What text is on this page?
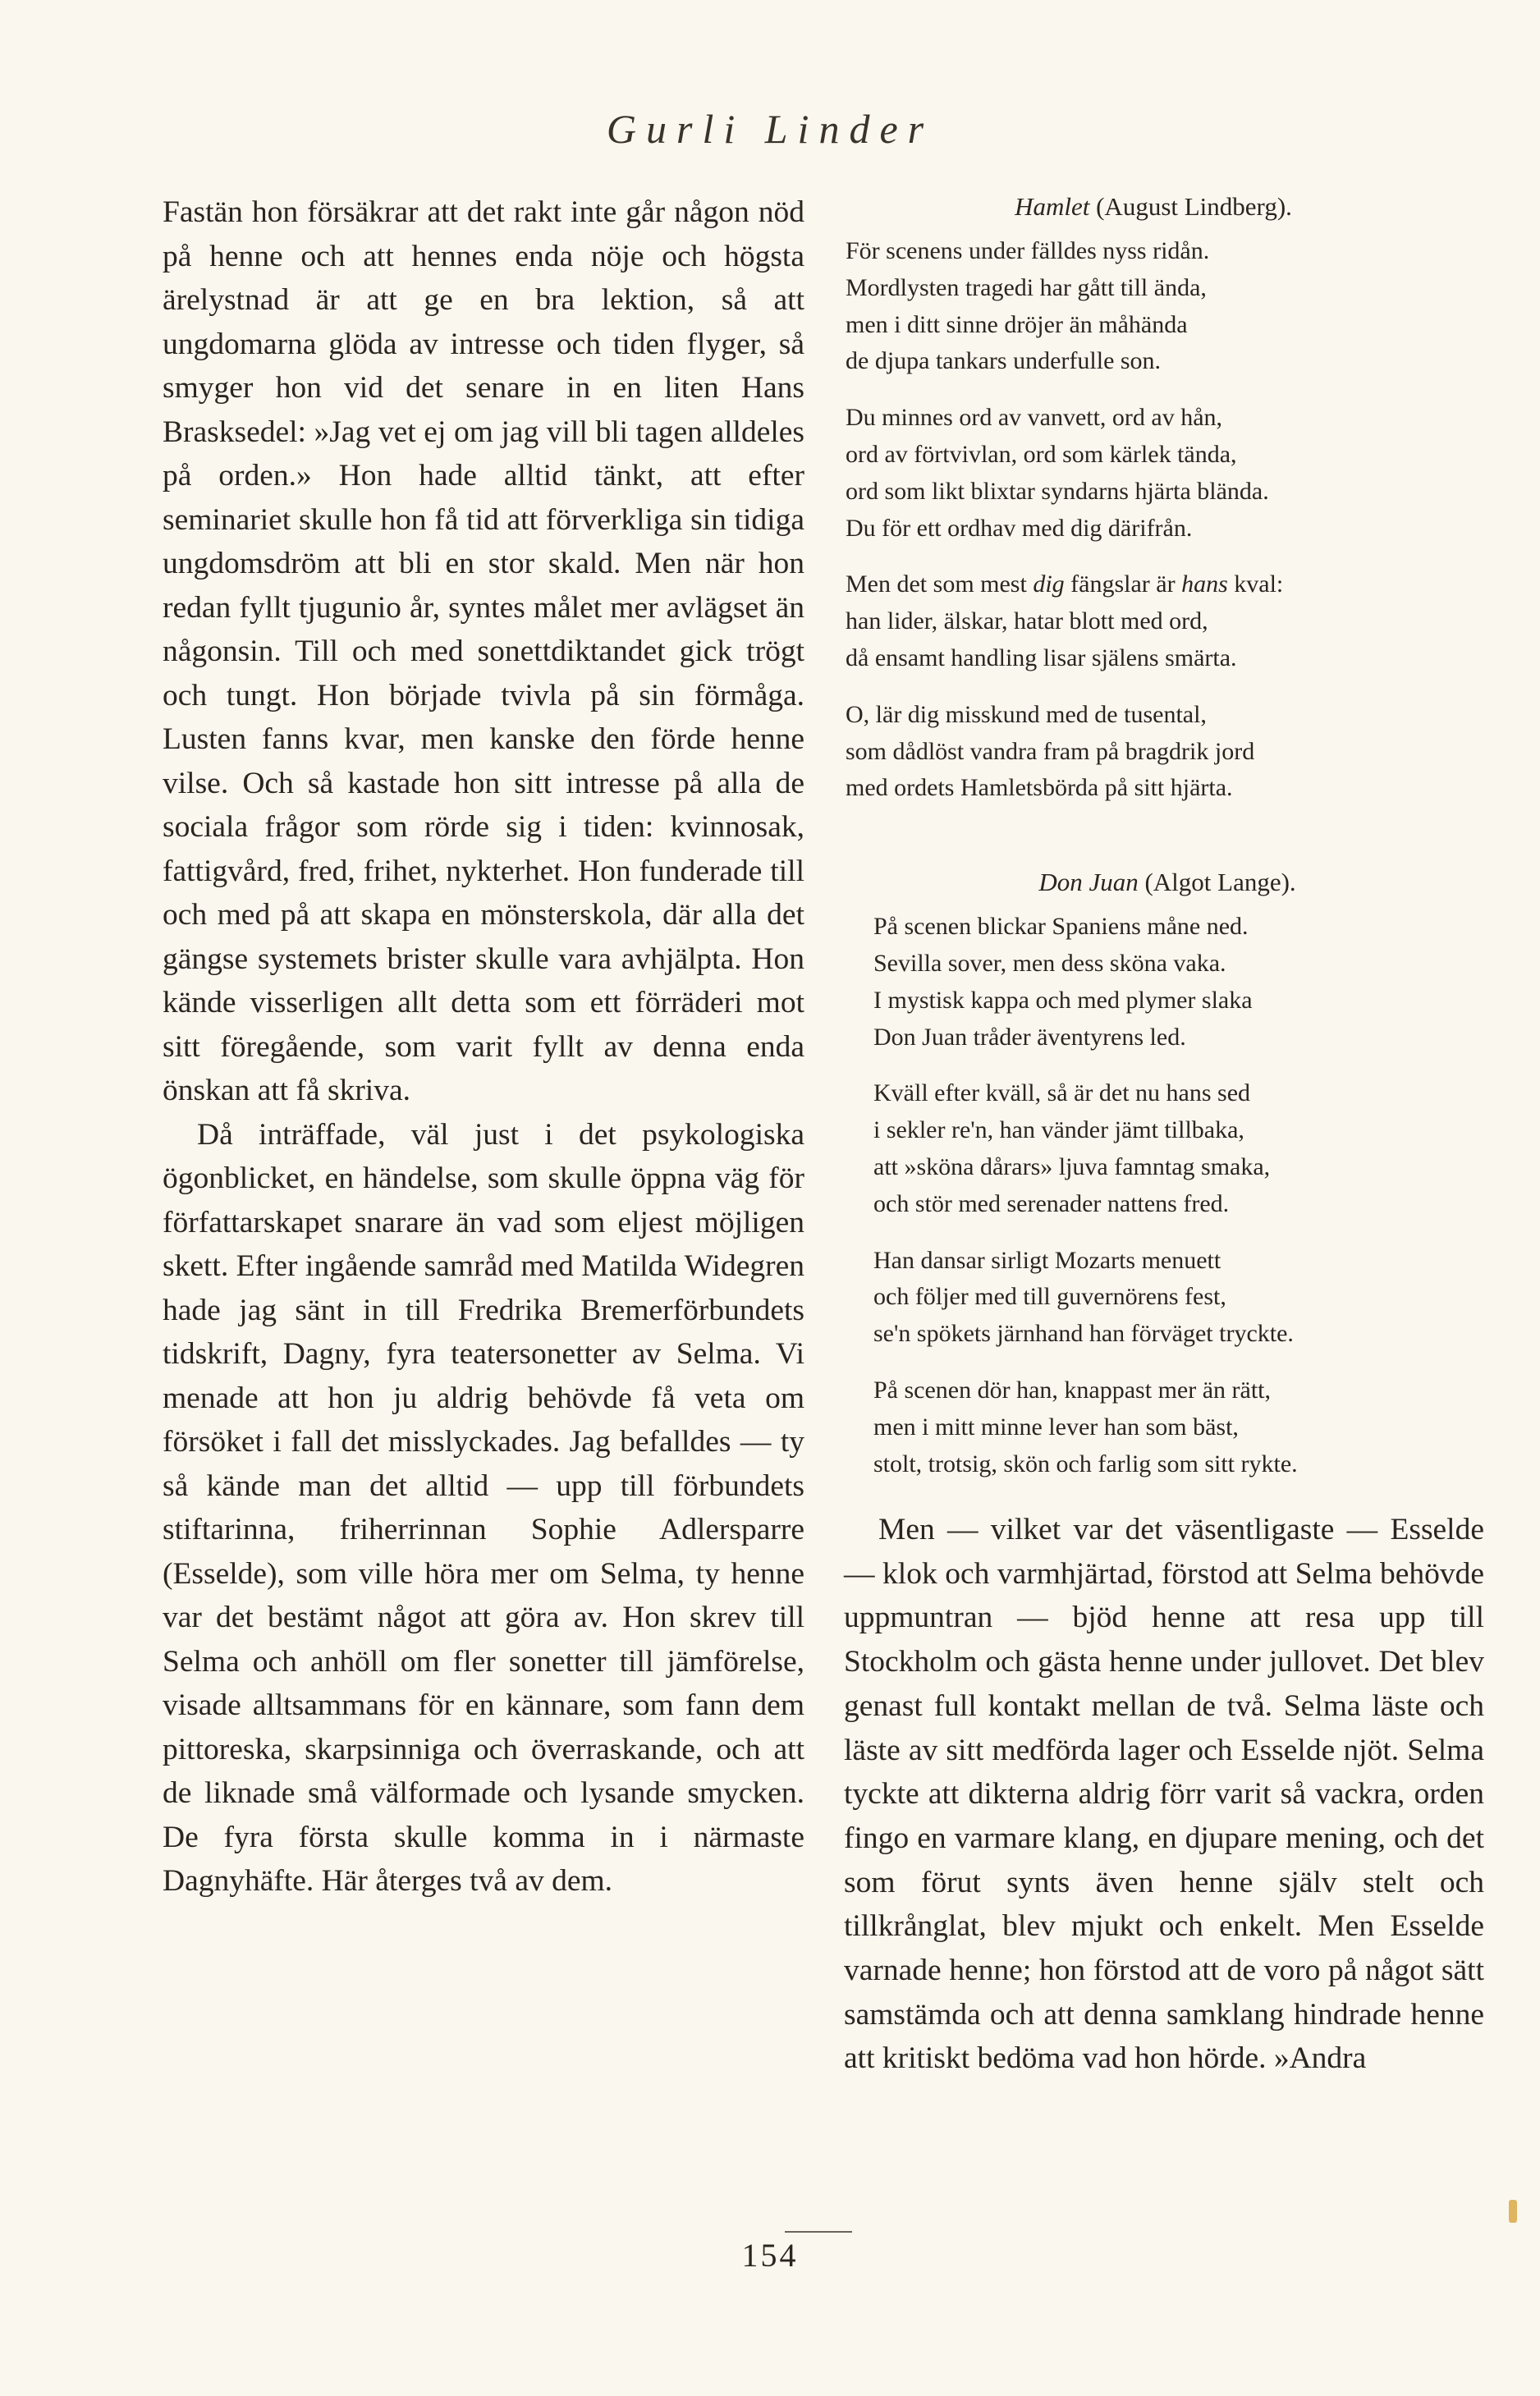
Gurli Linder

Fastän hon försäkrar att det rakt inte går någon nöd på henne och att hennes enda nöje och högsta ärelystnad är att ge en bra lektion, så att ungdomarna glöda av intresse och tiden flyger, så smyger hon vid det senare in en liten Hans Brasksedel: »Jag vet ej om jag vill bli tagen alldeles på orden.» Hon hade alltid tänkt, att efter seminariet skulle hon få tid att förverkliga sin tidiga ungdomsdröm att bli en stor skald. Men när hon redan fyllt tjugunio år, syntes målet mer avlägset än någonsin. Till och med sonettdiktandet gick trögt och tungt. Hon började tvivla på sin förmåga. Lusten fanns kvar, men kanske den förde henne vilse. Och så kastade hon sitt intresse på alla de sociala frågor som rörde sig i tiden: kvinnosak, fattigvård, fred, frihet, nykterhet. Hon funderade till och med på att skapa en mönsterskola, där alla det gängse systemets brister skulle vara avhjälpta. Hon kände visserligen allt detta som ett förräderi mot sitt föregående, som varit fyllt av denna enda önskan att få skriva.

Då inträffade, väl just i det psykologiska ögonblicket, en händelse, som skulle öppna väg för författarskapet snarare än vad som eljest möjligen skett. Efter ingående samråd med Matilda Widegren hade jag sänt in till Fredrika Bremerförbundets tidskrift, Dagny, fyra teatersonetter av Selma. Vi menade att hon ju aldrig behövde få veta om försöket i fall det misslyckades. Jag befalldes — ty så kände man det alltid — upp till förbundets stiftarinna, friherrinnan Sophie Adlersparre (Esselde), som ville höra mer om Selma, ty henne var det bestämt något att göra av. Hon skrev till Selma och anhöll om fler sonetter till jämförelse, visade alltsammans för en kännare, som fann dem pittoreska, skarpsinniga och överraskande, och att de liknade små välformade och lysande smycken. De fyra första skulle komma in i närmaste Dagnyhäfte. Här återges två av dem.

Hamlet (August Lindberg).
För scenens under fälldes nyss ridån.
Mordlysten tragedi har gått till ända,
men i ditt sinne dröjer än måhända
de djupa tankars underfulle son.
Du minnes ord av vanvett, ord av hån,
ord av förtvivlan, ord som kärlek tända,
ord som likt blixtar syndarns hjärta blända.
Du för ett ordhav med dig därifrån.
Men det som mest dig fängslar är hans kval:
han lider, älskar, hatar blott med ord,
då ensamt handling lisar själens smärta.
O, lär dig misskund med de tusental,
som dådlöst vandra fram på bragdrik jord
med ordets Hamletsbörda på sitt hjärta.
Don Juan (Algot Lange).
På scenen blickar Spaniens måne ned.
Sevilla sover, men dess sköna vaka.
I mystisk kappa och med plymer slaka
Don Juan tråder äventyrens led.
Kväll efter kväll, så är det nu hans sed
i sekler re'n, han vänder jämt tillbaka,
att »sköna dårars» ljuva famntag smaka,
och stör med serenader nattens fred.
Han dansar sirligt Mozarts menuett
och följer med till guvernörens fest,
se'n spökets järnhand han förväget tryckte.
På scenen dör han, knappast mer än rätt,
men i mitt minne lever han som bäst,
stolt, trotsig, skön och farlig som sitt rykte.

Men — vilket var det väsentligaste — Esselde — klok och varmhjärtad, förstod att Selma behövde uppmuntran — bjöd henne att resa upp till Stockholm och gästa henne under jullovet. Det blev genast full kontakt mellan de två. Selma läste och läste av sitt medförda lager och Esselde njöt. Selma tyckte att dikterna aldrig förr varit så vackra, orden fingo en varmare klang, en djupare mening, och det som förut synts även henne själv stelt och tillkrånglat, blev mjukt och enkelt. Men Esselde varnade henne; hon förstod att de voro på något sätt samstämda och att denna samklang hindrade henne att kritiskt bedöma vad hon hörde. »Andra

154
